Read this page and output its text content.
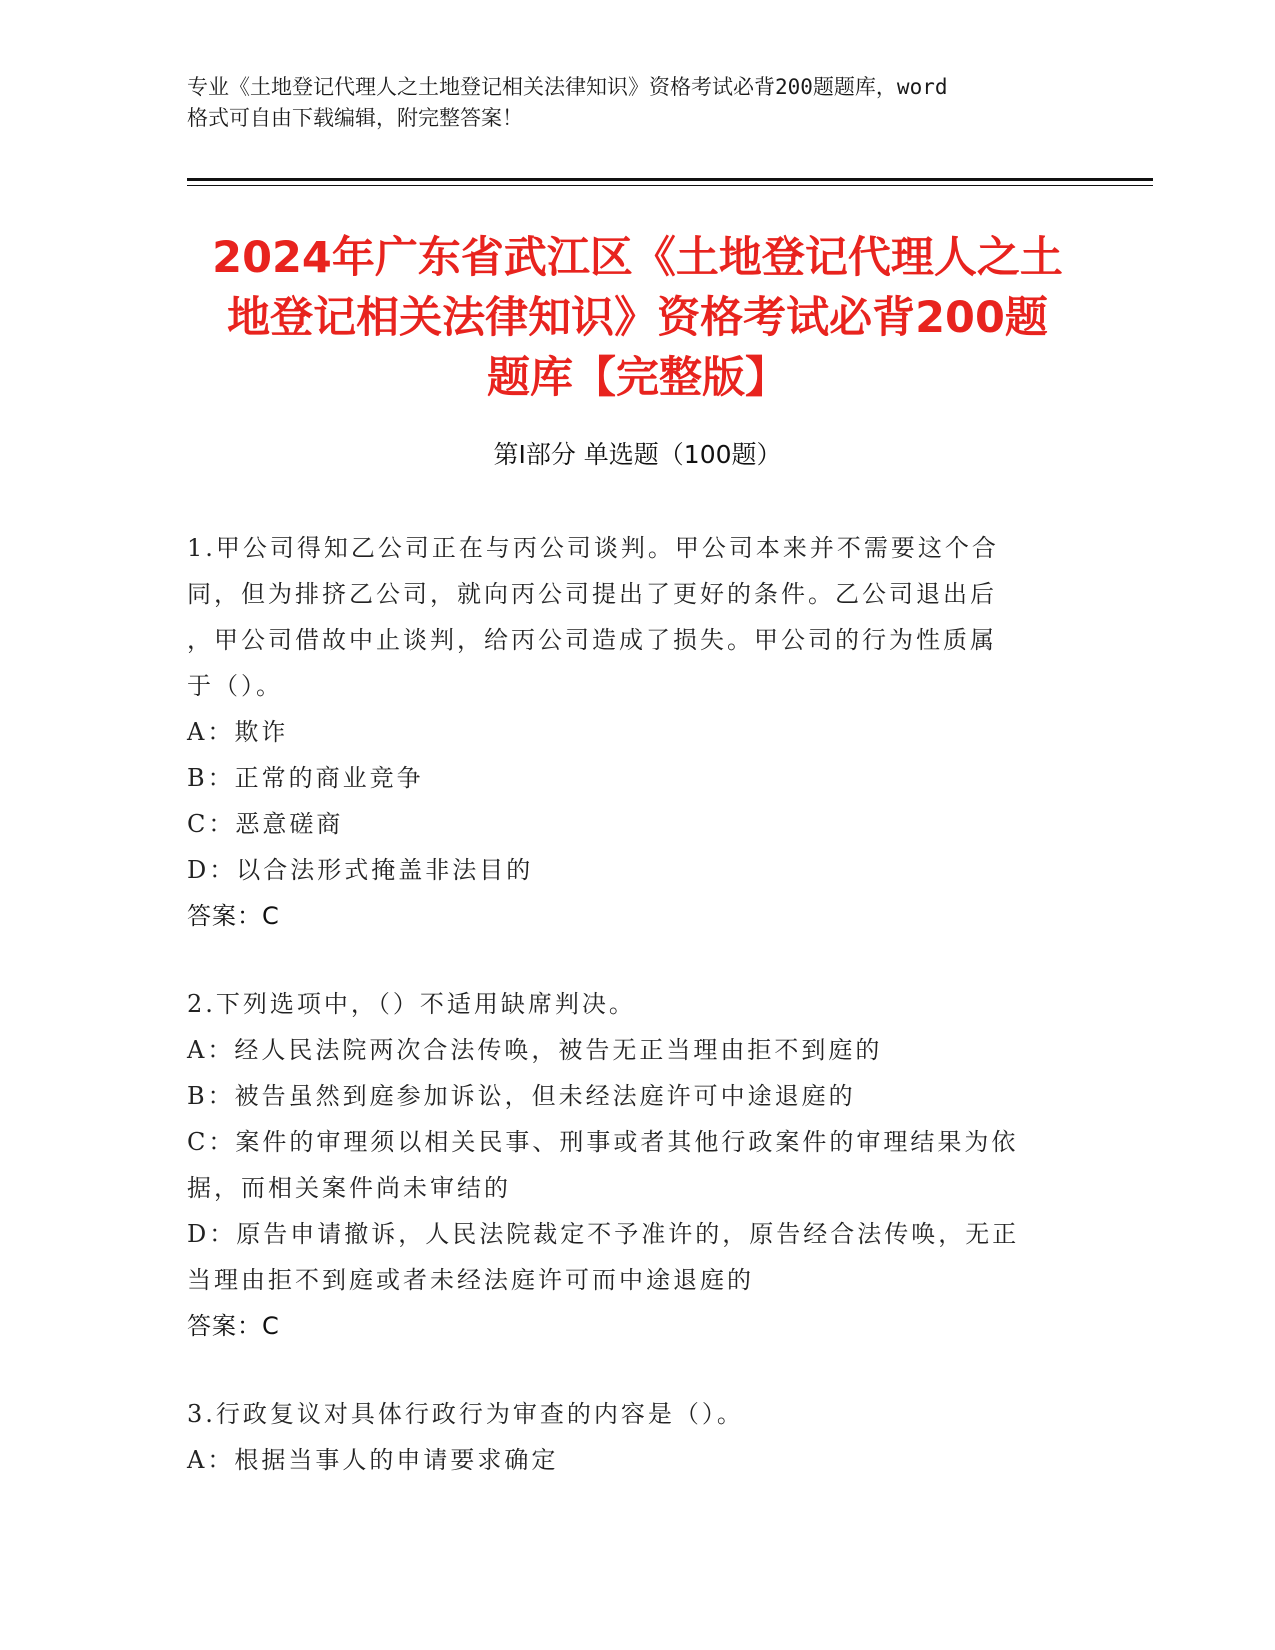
专业《土地登记代理人之土地登记相关法律知识》资格考试必背200题题库，word
格式可自由下载编辑，附完整答案！
2024年广东省武江区《土地登记代理人之土
地登记相关法律知识》资格考试必背200题
题库【完整版】
第Ⅰ部分 单选题（100题）
1.甲公司得知乙公司正在与丙公司谈判。甲公司本来并不需要这个合
同，但为排挤乙公司，就向丙公司提出了更好的条件。乙公司退出后
，甲公司借故中止谈判，给丙公司造成了损失。甲公司的行为性质属
于（）。
A：欺诈
B：正常的商业竞争
C：恶意磋商
D：以合法形式掩盖非法目的
答案：C
2.下列选项中，（）不适用缺席判决。
A：经人民法院两次合法传唤，被告无正当理由拒不到庭的
B：被告虽然到庭参加诉讼，但未经法庭许可中途退庭的
C：案件的审理须以相关民事、刑事或者其他行政案件的审理结果为依
据，而相关案件尚未审结的
D：原告申请撤诉，人民法院裁定不予准许的，原告经合法传唤，无正
当理由拒不到庭或者未经法庭许可而中途退庭的
答案：C
3.行政复议对具体行政行为审查的内容是（）。
A：根据当事人的申请要求确定
